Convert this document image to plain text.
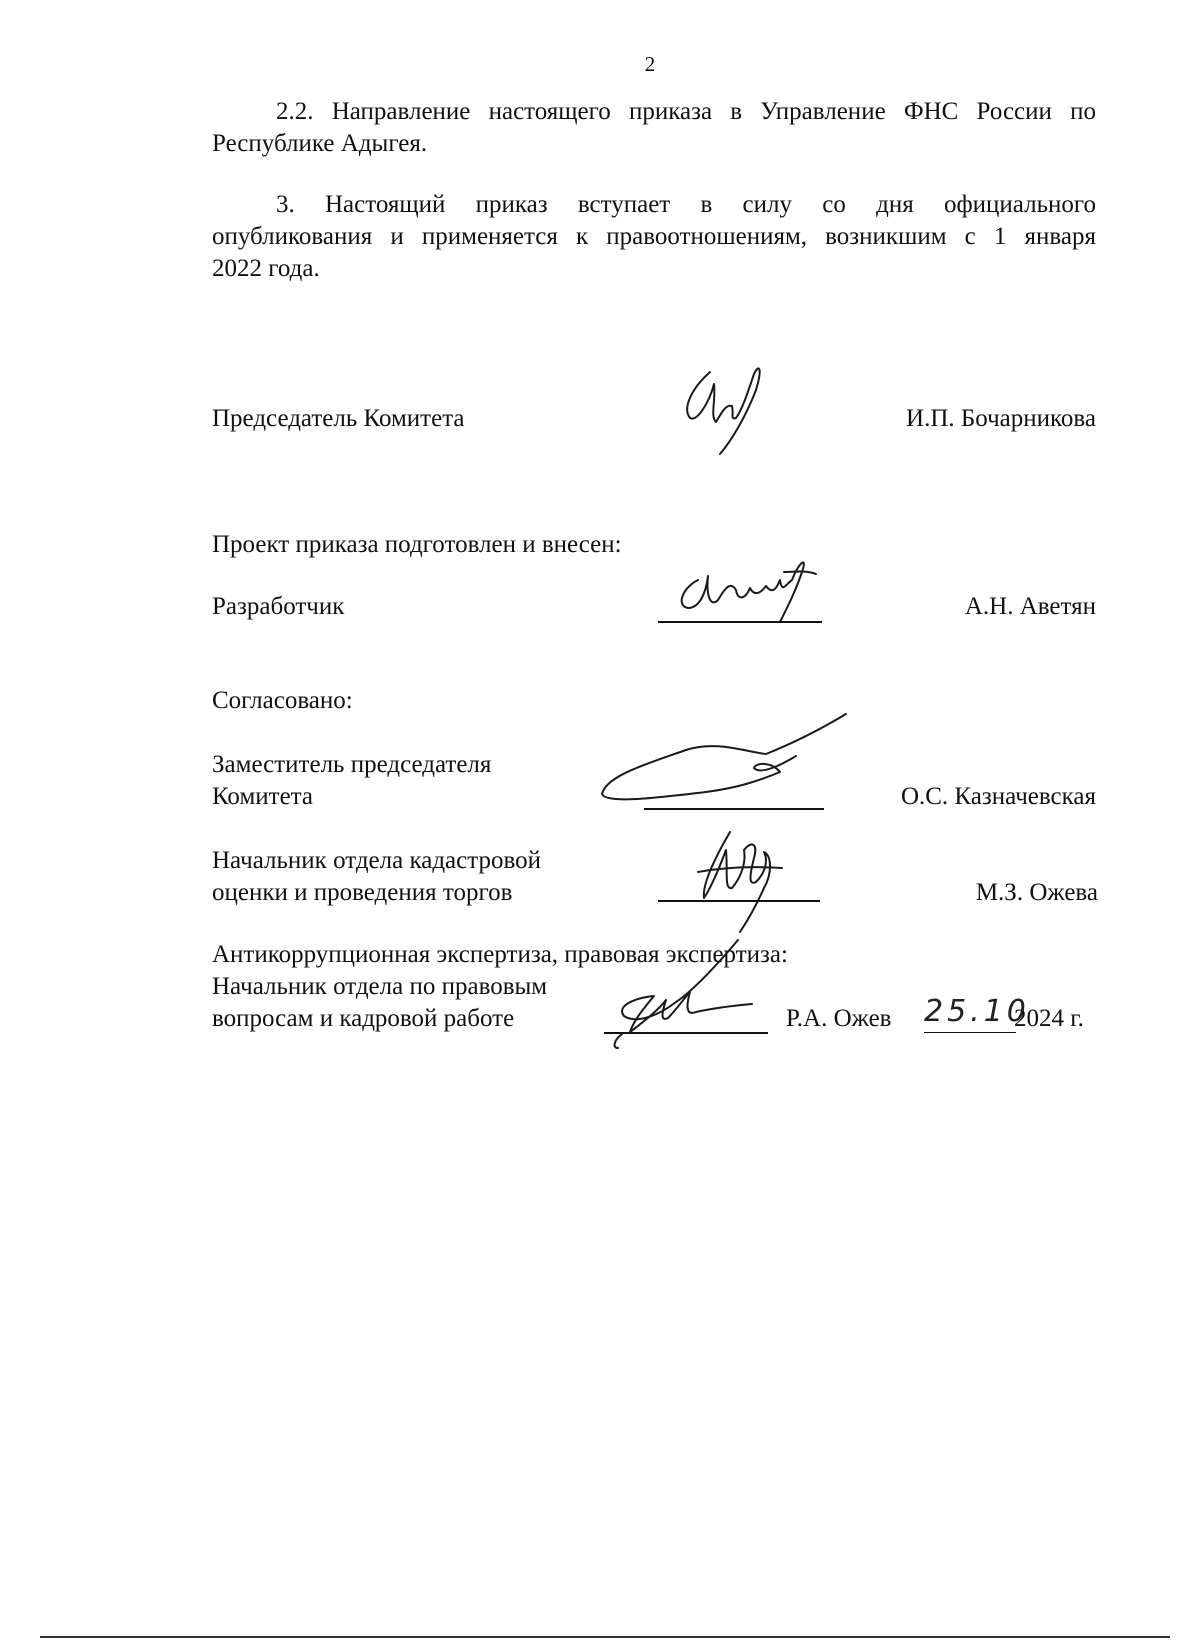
2
2.2. Направление настоящего приказа в Управление ФНС России по
Республике Адыгея.
3. Настоящий приказ вступает в силу со дня официального
опубликования и применяется к правоотношениям, возникшим с 1 января
2022 года.
Председатель Комитета	И.П. Бочарникова
Проект приказа подготовлен и внесен:
Разработчик	А.Н. Аветян
Согласовано:
Заместитель председателя
Комитета	О.С. Казначевская
Начальник отдела кадастровой
оценки и проведения торгов	М.З. Ожева
Антикоррупционная экспертиза, правовая экспертиза:
Начальник отдела по правовым
вопросам и кадровой работе	Р.А. Ожев 25.10
2024 г.
